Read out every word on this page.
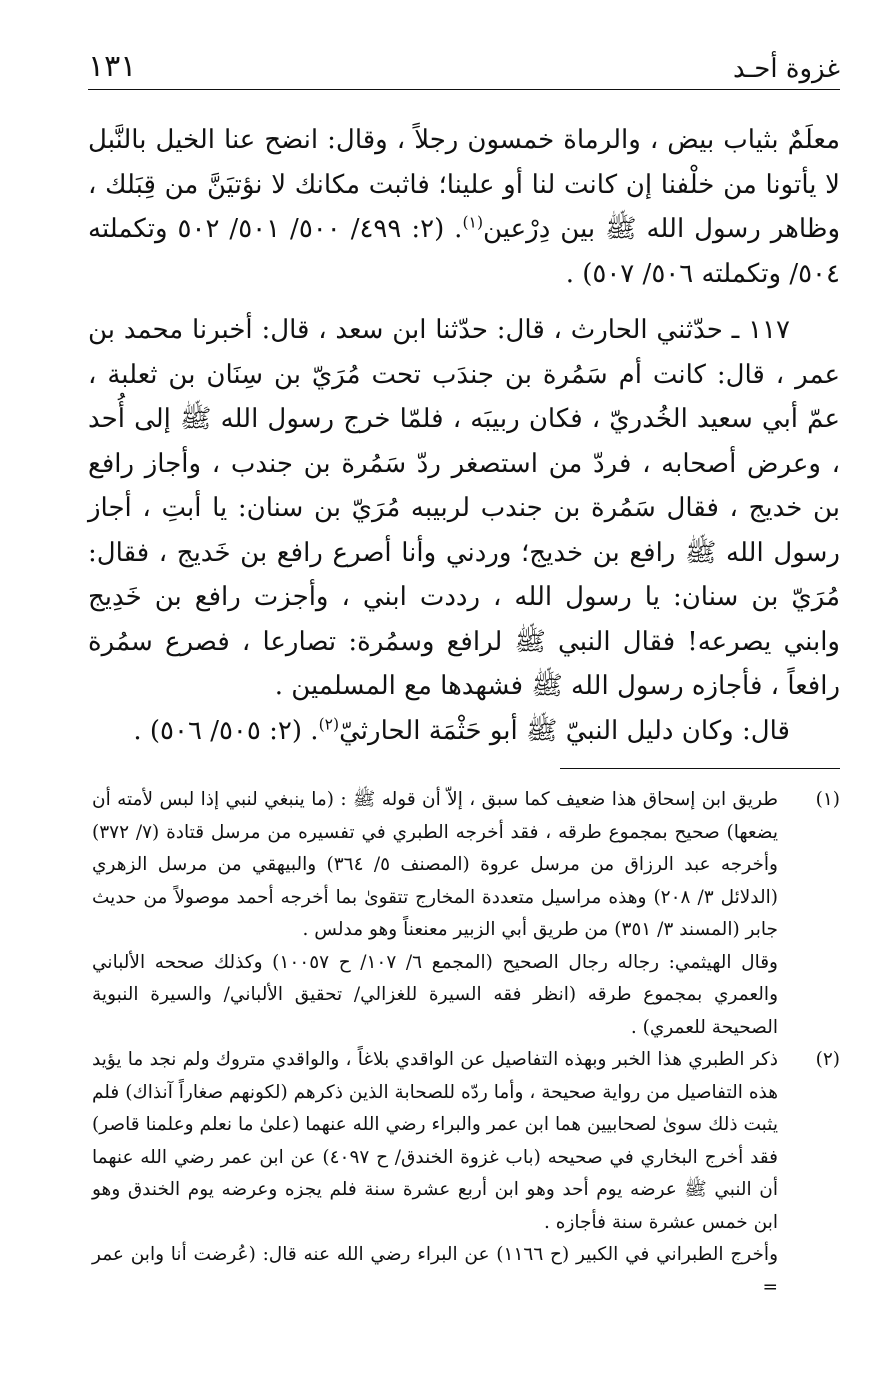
غزوة أحـد
١٣١

معلَمٌ بثياب بيض ، والرماة خمسون رجلاً ، وقال: انضح عنا الخيل بالنَّبل لا يأتونا من خلْفنا إن كانت لنا أو علينا؛ فاثبت مكانك لا نؤتيَنَّ من قِبَلك ، وظاهر رسول الله ﷺ بين دِرْعين$^{(١)}$. (٢: ٤٩٩/ ٥٠٠/ ٥٠١/ ٥٠٢ وتكملته ٥٠٤/ وتكملته ٥٠٦/ ٥٠٧) .

١١٧ ـ حدّثني الحارث ، قال: حدّثنا ابن سعد ، قال: أخبرنا محمد بن عمر ، قال: كانت أم سَمُرة بن جندَب تحت مُرَيّ بن سِنَان بن ثعلبة ، عمّ أبي سعيد الخُدريّ ، فكان ربيبَه ، فلمّا خرج رسول الله ﷺ إلى أُحد ، وعرض أصحابه ، فردّ من استصغر ردّ سَمُرة بن جندب ، وأجاز رافع بن خديج ، فقال سَمُرة بن جندب لربيبه مُرَيّ بن سنان: يا أبتِ ، أجاز رسول الله ﷺ رافع بن خديج؛ وردني وأنا أصرع رافع بن خَديج ، فقال: مُرَيّ بن سنان: يا رسول الله ، رددت ابني ، وأجزت رافع بن خَدِيج وابني يصرعه! فقال النبي ﷺ لرافع وسمُرة: تصارعا ، فصرع سمُرة رافعاً ، فأجازه رسول الله ﷺ فشهدها مع المسلمين .

قال: وكان دليل النبيّ ﷺ أبو حَثْمَة الحارثيّ$^{(٢)}$. (٢: ٥٠٥/ ٥٠٦) .

(١)

طريق ابن إسحاق هذا ضعيف كما سبق ، إلاّ أن قوله ﷺ : (ما ينبغي لنبي إذا لبس لأمته أن يضعها) صحيح بمجموع طرقه ، فقد أخرجه الطبري في تفسيره من مرسل قتادة (٧/ ٣٧٢) وأخرجه عبد الرزاق من مرسل عروة (المصنف ٥/ ٣٦٤) والبيهقي من مرسل الزهري (الدلائل ٣/ ٢٠٨) وهذه مراسيل متعددة المخارج تتقوىٰ بما أخرجه أحمد موصولاً من حديث جابر (المسند ٣/ ٣٥١) من طريق أبي الزبير معنعناً وهو مدلس .

وقال الهيثمي: رجاله رجال الصحيح (المجمع ٦/ ١٠٧/ ح ١٠٠٥٧) وكذلك صححه الألباني والعمري بمجموع طرقه (انظر فقه السيرة للغزالي/ تحقيق الألباني/ والسيرة النبوية الصحيحة للعمري) .

(٢)

ذكر الطبري هذا الخبر وبهذه التفاصيل عن الواقدي بلاغاً ، والواقدي متروك ولم نجد ما يؤيد هذه التفاصيل من رواية صحيحة ، وأما ردّه للصحابة الذين ذكرهم (لكونهم صغاراً آنذاك) فلم يثبت ذلك سوىٰ لصحابيين هما ابن عمر والبراء رضي الله عنهما (علىٰ ما نعلم وعلمنا قاصر) فقد أخرج البخاري في صحيحه (باب غزوة الخندق/ ح ٤٠٩٧) عن ابن عمر رضي الله عنهما أن النبي ﷺ عرضه يوم أحد وهو ابن أربع عشرة سنة فلم يجزه وعرضه يوم الخندق وهو ابن خمس عشرة سنة فأجازه .

وأخرج الطبراني في الكبير (ح ١١٦٦) عن البراء رضي الله عنه قال: (عُرضت أنا وابن عمر =
